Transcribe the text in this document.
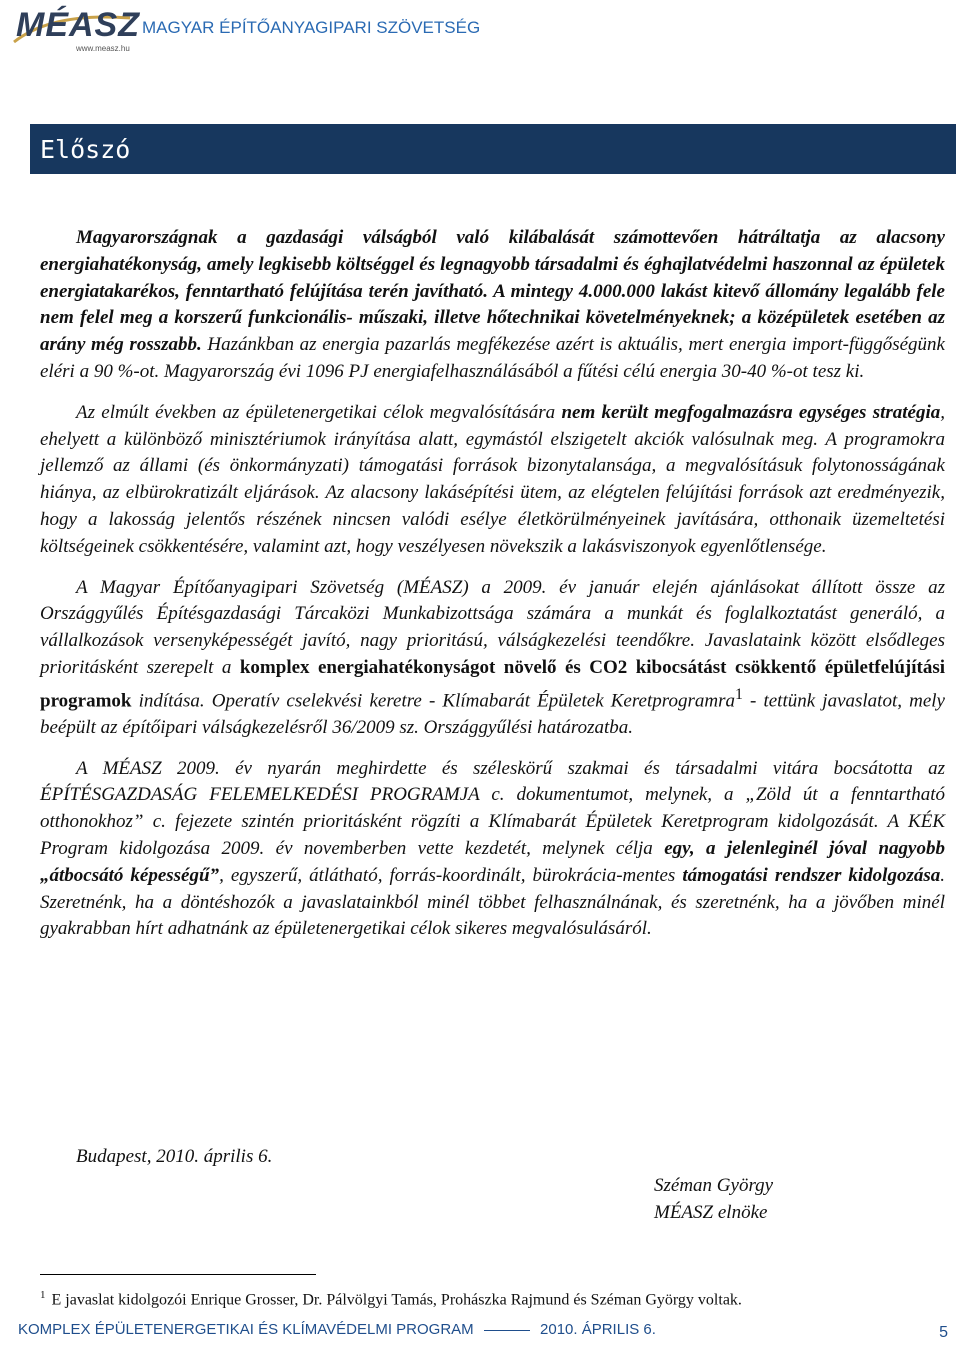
MÉASZ
www.measz.hu
MAGYAR ÉPÍTŐANYAGIPARI SZÖVETSÉG
Előszó

Magyarországnak a gazdasági válságból való kilábalását számottevően hátráltatja az alacsony energiahatékonyság, amely legkisebb költséggel és legnagyobb társadalmi és éghajlatvédelmi haszonnal az épületek energiatakarékos, fenntartható felújítása terén javítható. A mintegy 4.000.000 lakást kitevő állomány legalább fele nem felel meg a korszerű funkcionális- műszaki, illetve hőtechnikai követelményeknek; a középületek esetében az arány még rosszabb. Hazánkban az energia pazarlás megfékezése azért is aktuális, mert energia import-függőségünk eléri a 90 %-ot. Magyarország évi 1096 PJ energiafelhasználásából a fűtési célú energia 30-40 %-ot tesz ki.

Az elmúlt években az épületenergetikai célok megvalósítására nem került megfogalmazásra egységes stratégia, ehelyett a különböző minisztériumok irányítása alatt, egymástól elszigetelt akciók valósulnak meg. A programokra jellemző az állami (és önkormányzati) támogatási források bizonytalansága, a megvalósításuk folytonosságának hiánya, az elbürokratizált eljárások. Az alacsony lakásépítési ütem, az elégtelen felújítási források azt eredményezik, hogy a lakosság jelentős részének nincsen valódi esélye életkörülményeinek javítására, otthonaik üzemeltetési költségeinek csökkentésére, valamint azt, hogy veszélyesen növekszik a lakásviszonyok egyenlőtlensége.

A Magyar Építőanyagipari Szövetség (MÉASZ) a 2009. év január elején ajánlásokat állított össze az Országgyűlés Építésgazdasági Tárcaközi Munkabizottsága számára a munkát és foglalkoztatást generáló, a vállalkozások versenyképességét javító, nagy prioritású, válságkezelési teendőkre. Javaslataink között elsődleges prioritásként szerepelt a komplex energiahatékonyságot növelő és CO2 kibocsátást csökkentő épületfelújítási programok indítása. Operatív cselekvési keretre - Klímabarát Épületek Keretprogramra$^1$ - tettünk javaslatot, mely beépült az építőipari válságkezelésről 36/2009 sz. Országgyűlési határozatba.

A MÉASZ 2009. év nyarán meghirdette és széleskörű szakmai és társadalmi vitára bocsátotta az ÉPÍTÉSGAZDASÁG FELEMELKEDÉSI PROGRAMJA c. dokumentumot, melynek, a „Zöld út a fenntartható otthonokhoz” c. fejezete szintén prioritásként rögzíti a Klímabarát Épületek Keretprogram kidolgozását. A KÉK Program kidolgozása 2009. év novemberben vette kezdetét, melynek célja egy, a jelenleginél jóval nagyobb „átbocsátó képességű”, egyszerű, átlátható, forrás-koordinált, bürokrácia-mentes támogatási rendszer kidolgozása. Szeretnénk, ha a döntéshozók a javaslatainkból minél többet felhasználnának, és szeretnénk, ha a jövőben minél gyakrabban hírt adhatnánk az épületenergetikai célok sikeres megvalósulásáról.

Budapest, 2010. április 6.
Széman György
MÉASZ elnöke
$^1$ E javaslat kidolgozói Enrique Grosser, Dr. Pálvölgyi Tamás, Prohászka Rajmund és Széman György voltak.
KOMPLEX ÉPÜLETENERGETIKAI ÉS KLÍMAVÉDELMI PROGRAM	2010. ÁPRILIS 6.	5
